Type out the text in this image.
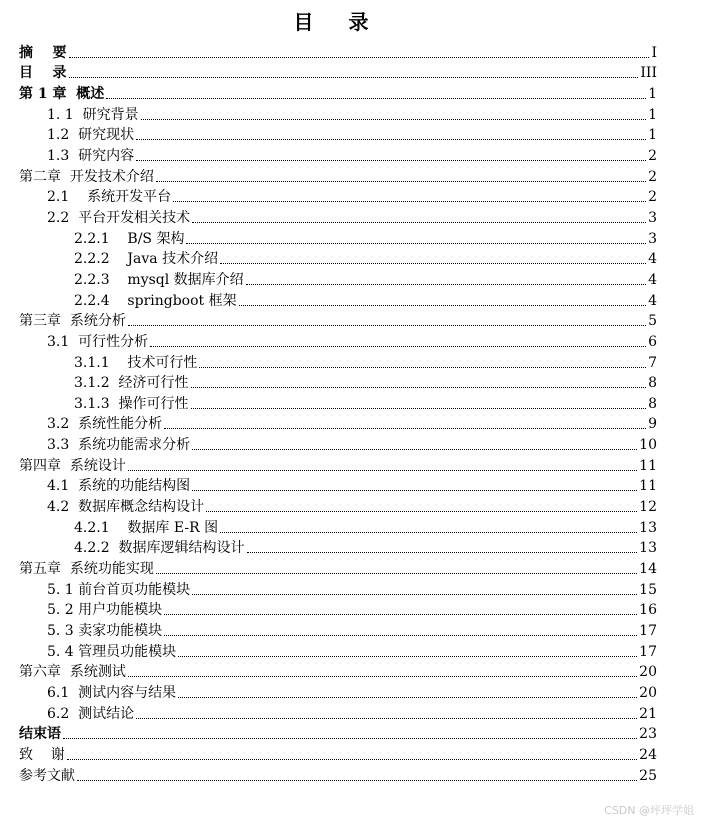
目 录
摘    要	I
目    录	III
第 1 章  概述	1
1. 1  研究背景	1
1.2  研究现状	1
1.3  研究内容	2
第二章  开发技术介绍	2
2.1    系统开发平台	2
2.2  平台开发相关技术	3
2.2.1    B/S 架构	3
2.2.2    Java 技术介绍	4
2.2.3    mysql 数据库介绍	4
2.2.4    springboot 框架	4
第三章  系统分析	5
3.1  可行性分析	6
3.1.1    技术可行性	7
3.1.2  经济可行性	8
3.1.3  操作可行性	8
3.2  系统性能分析	9
3.3  系统功能需求分析	10
第四章  系统设计	11
4.1  系统的功能结构图	11
4.2  数据库概念结构设计	12
4.2.1    数据库 E-R 图	13
4.2.2  数据库逻辑结构设计	13
第五章  系统功能实现	14
5. 1 前台首页功能模块	15
5. 2 用户功能模块	16
5. 3 卖家功能模块	17
5. 4 管理员功能模块	17
第六章  系统测试	20
6.1  测试内容与结果	20
6.2  测试结论	21
结束语	23
致    谢	24
参考文献	25
CSDN @坪坪学姐
